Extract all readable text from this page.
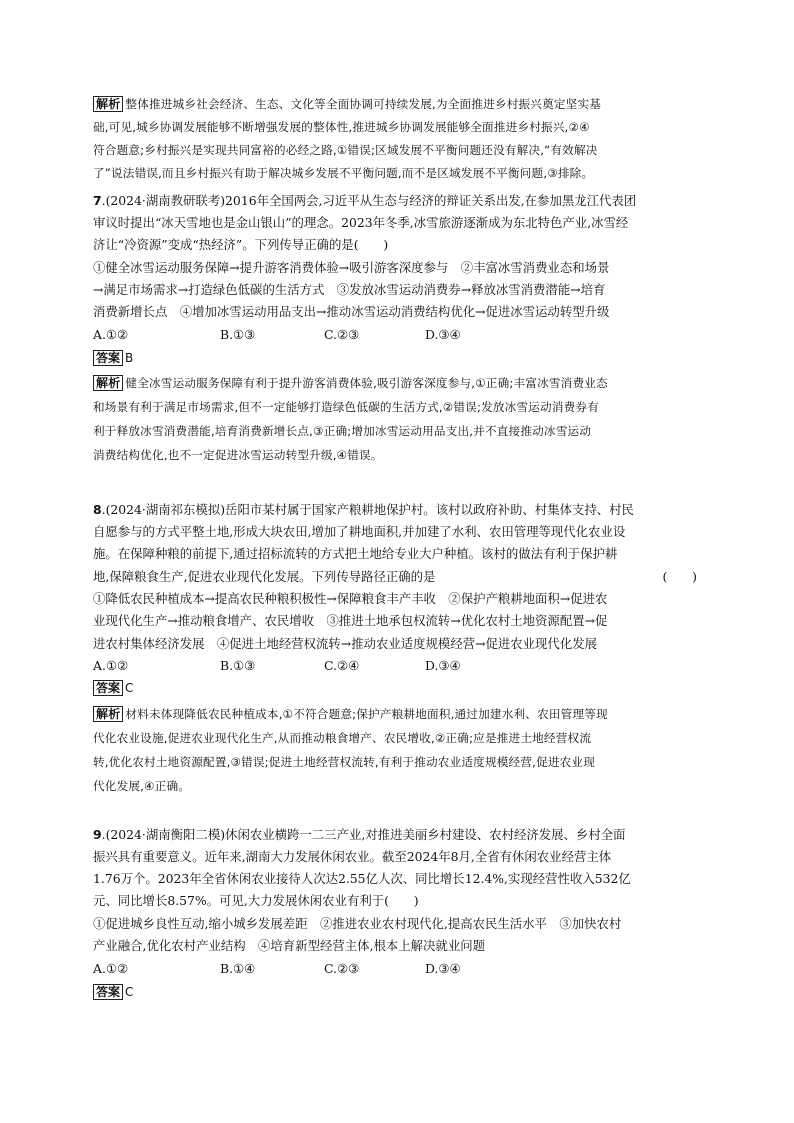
解析 整体推进城乡社会经济、生态、文化等全面协调可持续发展,为全面推进乡村振兴奠定坚实基
础,可见,城乡协调发展能够不断增强发展的整体性,推进城乡协调发展能够全面推进乡村振兴,②④
符合题意;乡村振兴是实现共同富裕的必经之路,①错误;区域发展不平衡问题还没有解决,“有效解决
了”说法错误,而且乡村振兴有助于解决城乡发展不平衡问题,而不是区域发展不平衡问题,③排除。
7.(2024·湖南教研联考)2016年全国两会,习近平从生态与经济的辩证关系出发,在参加黑龙江代表团
审议时提出“冰天雪地也是金山银山”的理念。2023年冬季,冰雪旅游逐渐成为东北特色产业,冰雪经
济让“冷资源”变成“热经济”。下列传导正确的是(　　)
①健全冰雪运动服务保障→提升游客消费体验→吸引游客深度参与　②丰富冰雪消费业态和场景
→满足市场需求→打造绿色低碳的生活方式　③发放冰雪运动消费券→释放冰雪消费潜能→培育
消费新增长点　④增加冰雪运动用品支出→推动冰雪运动消费结构优化→促进冰雪运动转型升级
A.①②	B.①③	C.②③	D.③④
答案 B
解析 健全冰雪运动服务保障有利于提升游客消费体验,吸引游客深度参与,①正确;丰富冰雪消费业态
和场景有利于满足市场需求,但不一定能够打造绿色低碳的生活方式,②错误;发放冰雪运动消费券有
利于释放冰雪消费潜能,培育消费新增长点,③正确;增加冰雪运动用品支出,并不直接推动冰雪运动
消费结构优化,也不一定促进冰雪运动转型升级,④错误。
8.(2024·湖南祁东模拟)岳阳市某村属于国家产粮耕地保护村。该村以政府补助、村集体支持、村民
自愿参与的方式平整土地,形成大块农田,增加了耕地面积,并加建了水利、农田管理等现代化农业设
施。在保障种粮的前提下,通过招标流转的方式把土地给专业大户种植。该村的做法有利于保护耕
地,保障粮食生产,促进农业现代化发展。下列传导路径正确的是	(　　)
①降低农民种植成本→提高农民种粮积极性→保障粮食丰产丰收　②保护产粮耕地面积→促进农
业现代化生产→推动粮食增产、农民增收　③推进土地承包权流转→优化农村土地资源配置→促
进农村集体经济发展　④促进土地经营权流转→推动农业适度规模经营→促进农业现代化发展
A.①②	B.①③	C.②④	D.③④
答案 C
解析 材料未体现降低农民种植成本,①不符合题意;保护产粮耕地面积,通过加建水利、农田管理等现
代化农业设施,促进农业现代化生产,从而推动粮食增产、农民增收,②正确;应是推进土地经营权流
转,优化农村土地资源配置,③错误;促进土地经营权流转,有利于推动农业适度规模经营,促进农业现
代化发展,④正确。
9.(2024·湖南衡阳二模)休闲农业横跨一二三产业,对推进美丽乡村建设、农村经济发展、乡村全面
振兴具有重要意义。近年来,湖南大力发展休闲农业。截至2024年8月,全省有休闲农业经营主体
1.76万个。2023年全省休闲农业接待人次达2.55亿人次、同比增长12.4%,实现经营性收入532亿
元、同比增长8.57%。可见,大力发展休闲农业有利于(　　)
①促进城乡良性互动,缩小城乡发展差距　②推进农业农村现代化,提高农民生活水平　③加快农村
产业融合,优化农村产业结构　④培育新型经营主体,根本上解决就业问题
A.①②	B.①④	C.②③	D.③④
答案 C
